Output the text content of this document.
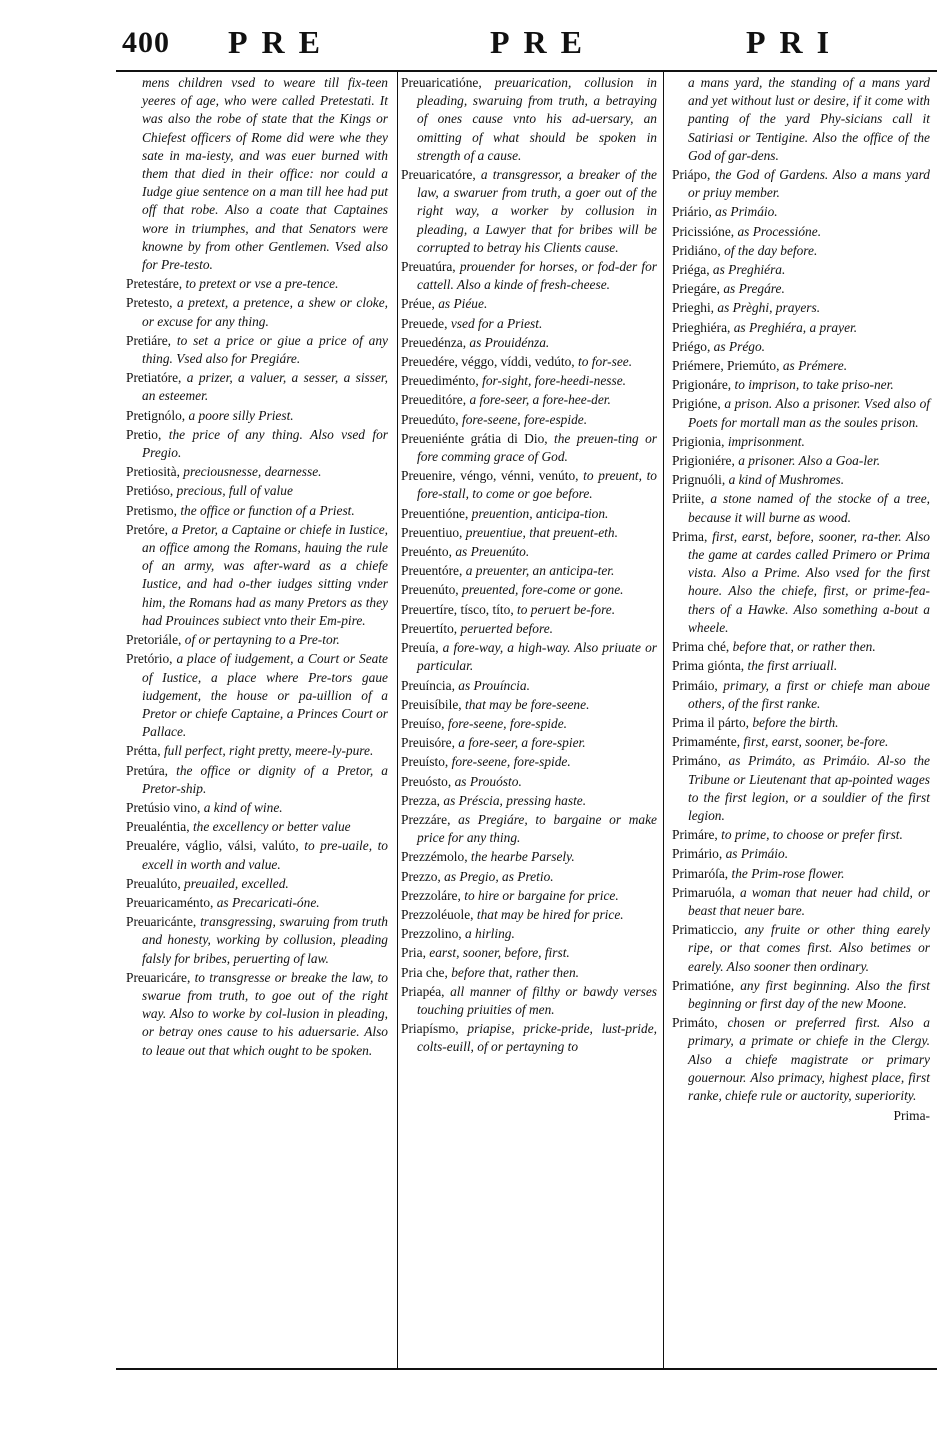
400 PRE	PRE	PRI
mens children vsed to weare till fix-teen yeeres of age, who were called Pretestati. It was also the robe of state that the Kings or Chiefest officers of Rome did were whe they sate in ma-iesty, and was euer burned with them that died in their office: nor could a Iudge giue sentence on a man till hee had put off that robe. Also a coate that Captaines wore in triumphes, and that Senators were knowne by from other Gentlemen. Vsed also for Pre-testo.
Pretestáre, to pretext or vse a pre-tence.
Pretesto, a pretext, a pretence, a shew or cloke, or excuse for any thing.
Pretiáre, to set a price or giue a price of any thing. Vsed also for Pregiáre.
Pretiatóre, a prizer, a valuer, a sesser, a sisser, an esteemer.
Pretignólo, a poore silly Priest.
Pretio, the price of any thing. Also vsed for Pregio.
Pretiosità, preciousnesse, dearnesse.
Pretióso, precious, full of value
Pretismo, the office or function of a Priest.
Pretóre, a Pretor, a Captaine or chiefe in Iustice, an office among the Romans, hauing the rule of an army, was after-ward as a chiefe Iustice, and had o-ther iudges sitting vnder him, the Romans had as many Pretors as they had Prouinces subiect vnto their Em-pire.
Pretoriále, of or pertayning to a Pre-tor.
Pretório, a place of iudgement, a Court or Seate of Iustice, a place where Pre-tors gaue iudgement, the house or pa-uillion of a Pretor or chiefe Captaine, a Princes Court or Pallace.
Prétta, full perfect, right pretty, meere-ly-pure.
Pretúra, the office or dignity of a Pretor, a Pretor-ship.
Pretúsio vino, a kind of wine.
Preualéntia, the excellency or better value
Preualére, váglio, válsi, valúto, to pre-uaile, to excell in worth and value.
Preualúto, preuailed, excelled.
Preuaricaménto, as Precaricati-óne.
Preuaricánte, transgressing, swaruing from truth and honesty, working by collusion, pleading falsly for bribes, peruerting of law.
Preuaricáre, to transgresse or breake the law, to swarue from truth, to goe out of the right way. Also to worke by col-lusion in pleading, or betray ones cause to his aduersarie. Also to leaue out that which ought to be spoken.
Preuaricatióne, preuarication, collusion in pleading, swaruing from truth, a betraying of ones cause vnto his ad-uersary, an omitting of what should be spoken in strength of a cause.
Preuaricatóre, a transgressor, a breaker of the law, a swaruer from truth, a goer out of the right way, a worker by collusion in pleading, a Lawyer that for bribes will be corrupted to betray his Clients cause.
Preuatúra, prouender for horses, or fod-der for cattell. Also a kinde of fresh-cheese.
Préue, as Piéue.
Preuede, vsed for a Priest.
Preuedénza, as Prouidénza.
Preuedére, véggo, víddi, vedúto, to for-see.
Preuediménto, for-sight, fore-heedi-nesse.
Preueditóre, a fore-seer, a fore-hee-der.
Preuedúto, fore-seene, fore-espide.
Preueniénte grátia di Dio, the preuen-ting or fore comming grace of God.
Preuenire, véngo, vénni, venúto, to preuent, to fore-stall, to come or goe before.
Preuentióne, preuention, anticipa-tion.
Preuentiuo, preuentiue, that preuent-eth.
Preuénto, as Preuenúto.
Preuentóre, a preuenter, an anticipa-ter.
Preuenúto, preuented, fore-come or gone.
Preuertíre, tísco, títo, to peruert be-fore.
Preuertíto, peruerted before.
Preuía, a fore-way, a high-way. Also priuate or particular.
Preuíncia, as Prouíncia.
Preuisíbile, that may be fore-seene.
Preuíso, fore-seene, fore-spide.
Preuisóre, a fore-seer, a fore-spier.
Preuísto, fore-seene, fore-spide.
Preuósto, as Prouósto.
Prezza, as Préscia, pressing haste.
Prezzáre, as Pregiáre, to bargaine or make price for any thing.
Prezzémolo, the hearbe Parsely.
Prezzo, as Pregio, as Pretio.
Prezzoláre, to hire or bargaine for price.
Prezzoléuole, that may be hired for price.
Prezzolino, a hirling.
Pria, earst, sooner, before, first.
Pria che, before that, rather then.
Priapéa, all manner of filthy or bawdy verses touching priuities of men.
Priapísmo, priapise, pricke-pride, lust-pride, colts-euill, of or pertayning to
a mans yard, the standing of a mans yard and yet without lust or desire, if it come with panting of the yard Phy-sicians call it Satiriasi or Tentigine. Also the office of the God of gar-dens.
Priápo, the God of Gardens. Also a mans yard or priuy member.
Priário, as Primáio.
Pricissióne, as Processióne.
Pridiáno, of the day before.
Priéga, as Preghiéra.
Priegáre, as Pregáre.
Prieghi, as Prèghi, prayers.
Prieghiéra, as Preghiéra, a prayer.
Priégo, as Prégo.
Priémere, Priemúto, as Prémere.
Prigionáre, to imprison, to take priso-ner.
Prigióne, a prison. Also a prisoner. Vsed also of Poets for mortall man as the soules prison.
Prigionia, imprisonment.
Prigioniére, a prisoner. Also a Goa-ler.
Prignuóli, a kind of Mushromes.
Priite, a stone named of the stocke of a tree, because it will burne as wood.
Prima, first, earst, before, sooner, ra-ther. Also the game at cardes called Primero or Prima vista. Also a Prime. Also vsed for the first houre. Also the chiefe, first, or prime-fea-thers of a Hawke. Also something a-bout a wheele.
Prima ché, before that, or rather then.
Prima giónta, the first arriuall.
Primáio, primary, a first or chiefe man aboue others, of the first ranke.
Prima il párto, before the birth.
Primaménte, first, earst, sooner, be-fore.
Primáno, as Primáto, as Primáio. Al-so the Tribune or Lieutenant that ap-pointed wages to the first legion, or a souldier of the first legion.
Primáre, to prime, to choose or prefer first.
Primário, as Primáio.
Primaróſa, the Prim-rose flower.
Primaruóla, a woman that neuer had child, or beast that neuer bare.
Primaticcio, any fruite or other thing earely ripe, or that comes first. Also betimes or earely. Also sooner then ordinary.
Primatióne, any first beginning. Also the first beginning or first day of the new Moone.
Primáto, chosen or preferred first. Also a primary, a primate or chiefe in the Clergy. Also a chiefe magistrate or primary gouernour. Also primacy, highest place, first ranke, chiefe rule or auctority, superiority.
Prima-
